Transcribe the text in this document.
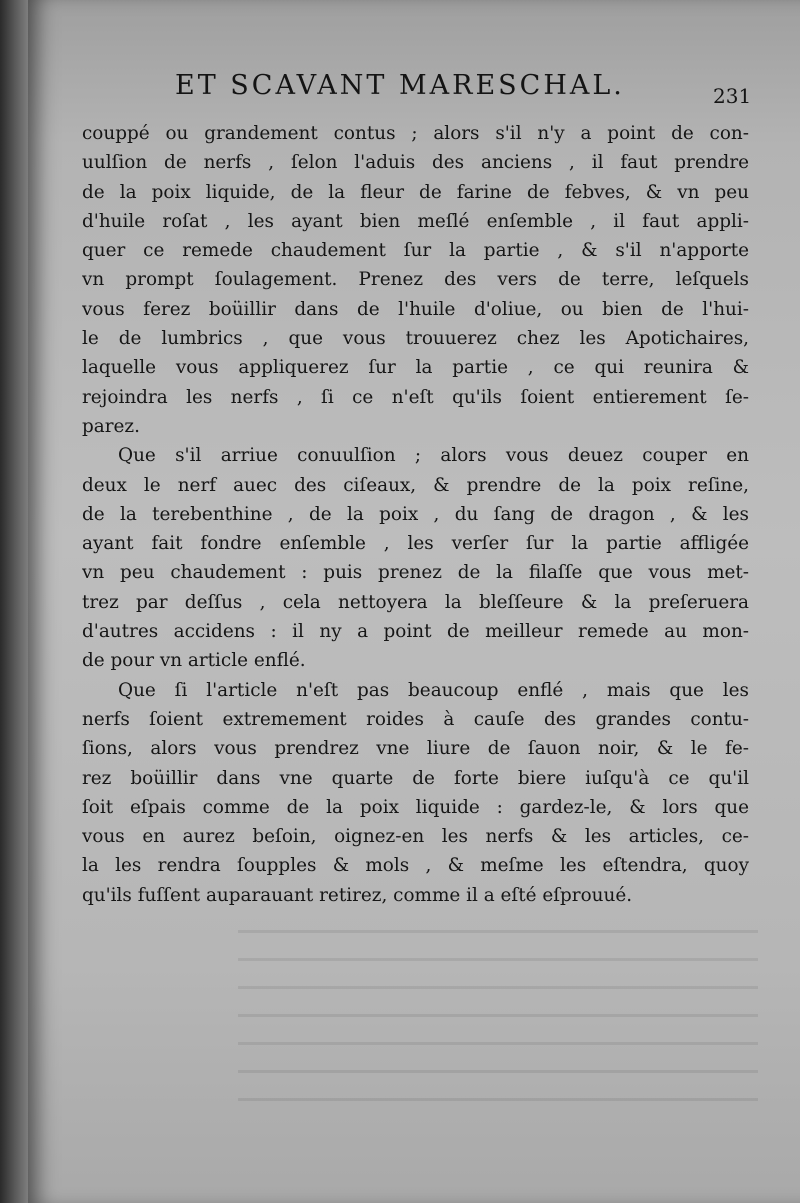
ET SCAVANT MARESCHAL.	231
couppé ou grandement contus ; alors s'il n'y a point de con-
uulſion de nerfs , ſelon l'aduis des anciens , il faut prendre
de la poix liquide, de la fleur de farine de febves, & vn peu
d'huile roſat , les ayant bien meſlé enſemble , il faut appli-
quer ce remede chaudement ſur la partie , & s'il n'apporte
vn prompt ſoulagement. Prenez des vers de terre, leſquels
vous ferez boüillir dans de l'huile d'oliue, ou bien de l'hui-
le de lumbrics , que vous trouuerez chez les Apotichaires,
laquelle vous appliquerez ſur la partie , ce qui reunira &
rejoindra les nerfs , ſi ce n'eſt qu'ils ſoient entierement ſe-
parez.
Que s'il arriue conuulſion ; alors vous deuez couper en
deux le nerf auec des ciſeaux, & prendre de la poix reſine,
de la terebenthine , de la poix , du ſang de dragon , & les
ayant fait fondre enſemble , les verſer ſur la partie affligée
vn peu chaudement : puis prenez de la filaſſe que vous met-
trez par deſſus , cela nettoyera la bleſſeure & la preſeruera
d'autres accidens : il ny a point de meilleur remede au mon-
de pour vn article enflé.
Que ſi l'article n'eſt pas beaucoup enflé , mais que les
nerfs ſoient extremement roides à cauſe des grandes contu-
ſions, alors vous prendrez vne liure de ſauon noir, & le fe-
rez boüillir dans vne quarte de forte biere iuſqu'à ce qu'il
ſoit eſpais comme de la poix liquide : gardez-le, & lors que
vous en aurez beſoin, oignez-en les nerfs & les articles, ce-
la les rendra ſoupples & mols , & meſme les eſtendra, quoy
qu'ils fuſſent auparauant retirez, comme il a eſté eſprouué.
